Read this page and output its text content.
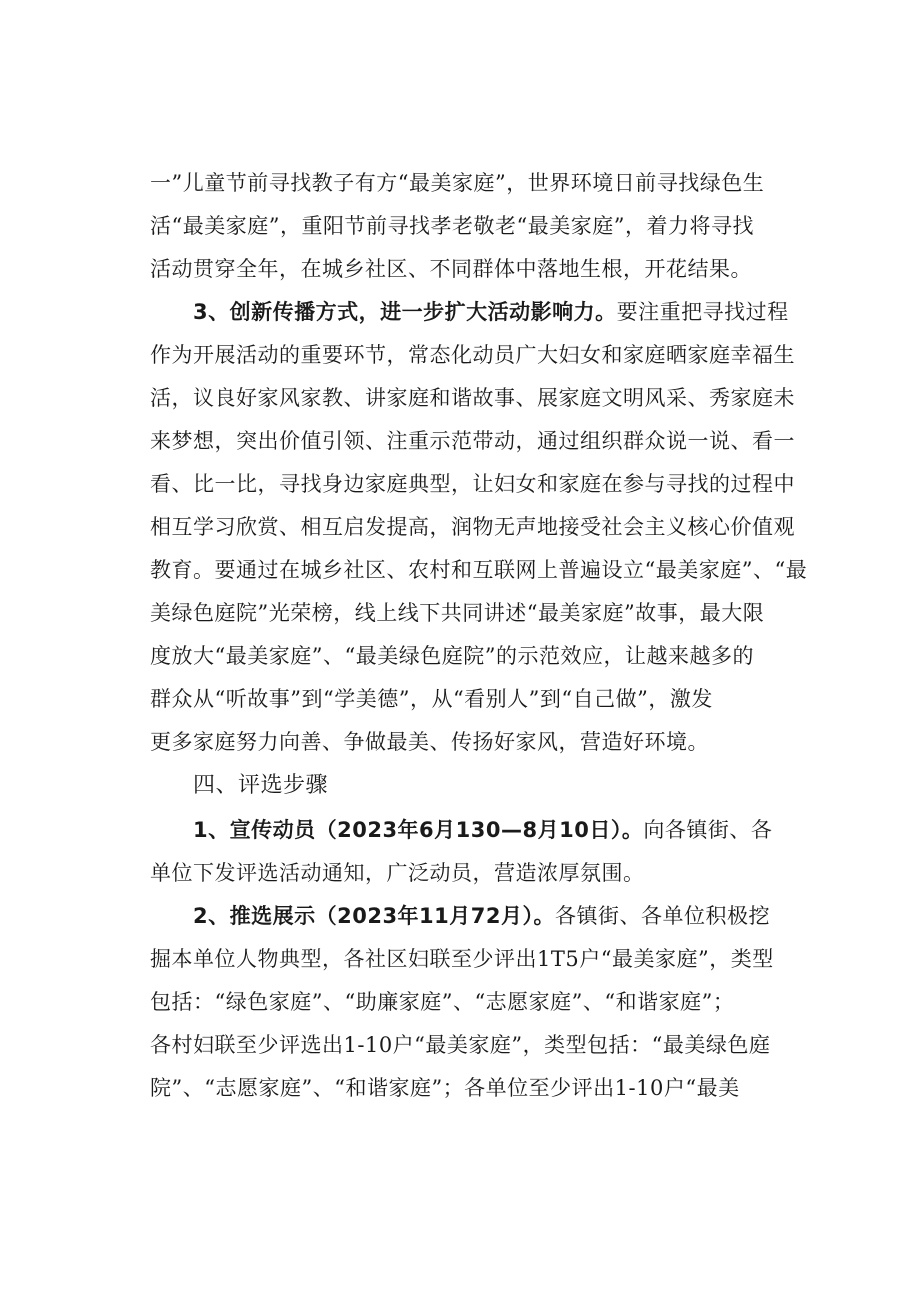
一”儿童节前寻找教子有方“最美家庭”，世界环境日前寻找绿色生
活“最美家庭”，重阳节前寻找孝老敬老“最美家庭”，着力将寻找
活动贯穿全年，在城乡社区、不同群体中落地生根，开花结果。
3、创新传播方式，进一步扩大活动影响力。要注重把寻找过程
作为开展活动的重要环节，常态化动员广大妇女和家庭晒家庭幸福生
活，议良好家风家教、讲家庭和谐故事、展家庭文明风采、秀家庭未
来梦想，突出价值引领、注重示范带动，通过组织群众说一说、看一
看、比一比，寻找身边家庭典型，让妇女和家庭在参与寻找的过程中
相互学习欣赏、相互启发提高，润物无声地接受社会主义核心价值观
教育。要通过在城乡社区、农村和互联网上普遍设立“最美家庭”、“最
美绿色庭院”光荣榜，线上线下共同讲述“最美家庭”故事，最大限
度放大“最美家庭”、“最美绿色庭院”的示范效应，让越来越多的
群众从“听故事”到“学美德”，从“看别人”到“自己做”，激发
更多家庭努力向善、争做最美、传扬好家风，营造好环境。
四、评选步骤
1、宣传动员（2023年6月130—8月10日）。向各镇街、各
单位下发评选活动通知，广泛动员，营造浓厚氛围。
2、推选展示（2023年11月72月）。各镇街、各单位积极挖
掘本单位人物典型，各社区妇联至少评出1T5户“最美家庭”，类型
包括：“绿色家庭”、“助廉家庭”、“志愿家庭”、“和谐家庭”；
各村妇联至少评选出1-10户“最美家庭”，类型包括：“最美绿色庭
院”、“志愿家庭”、“和谐家庭”；各单位至少评出1-10户“最美
